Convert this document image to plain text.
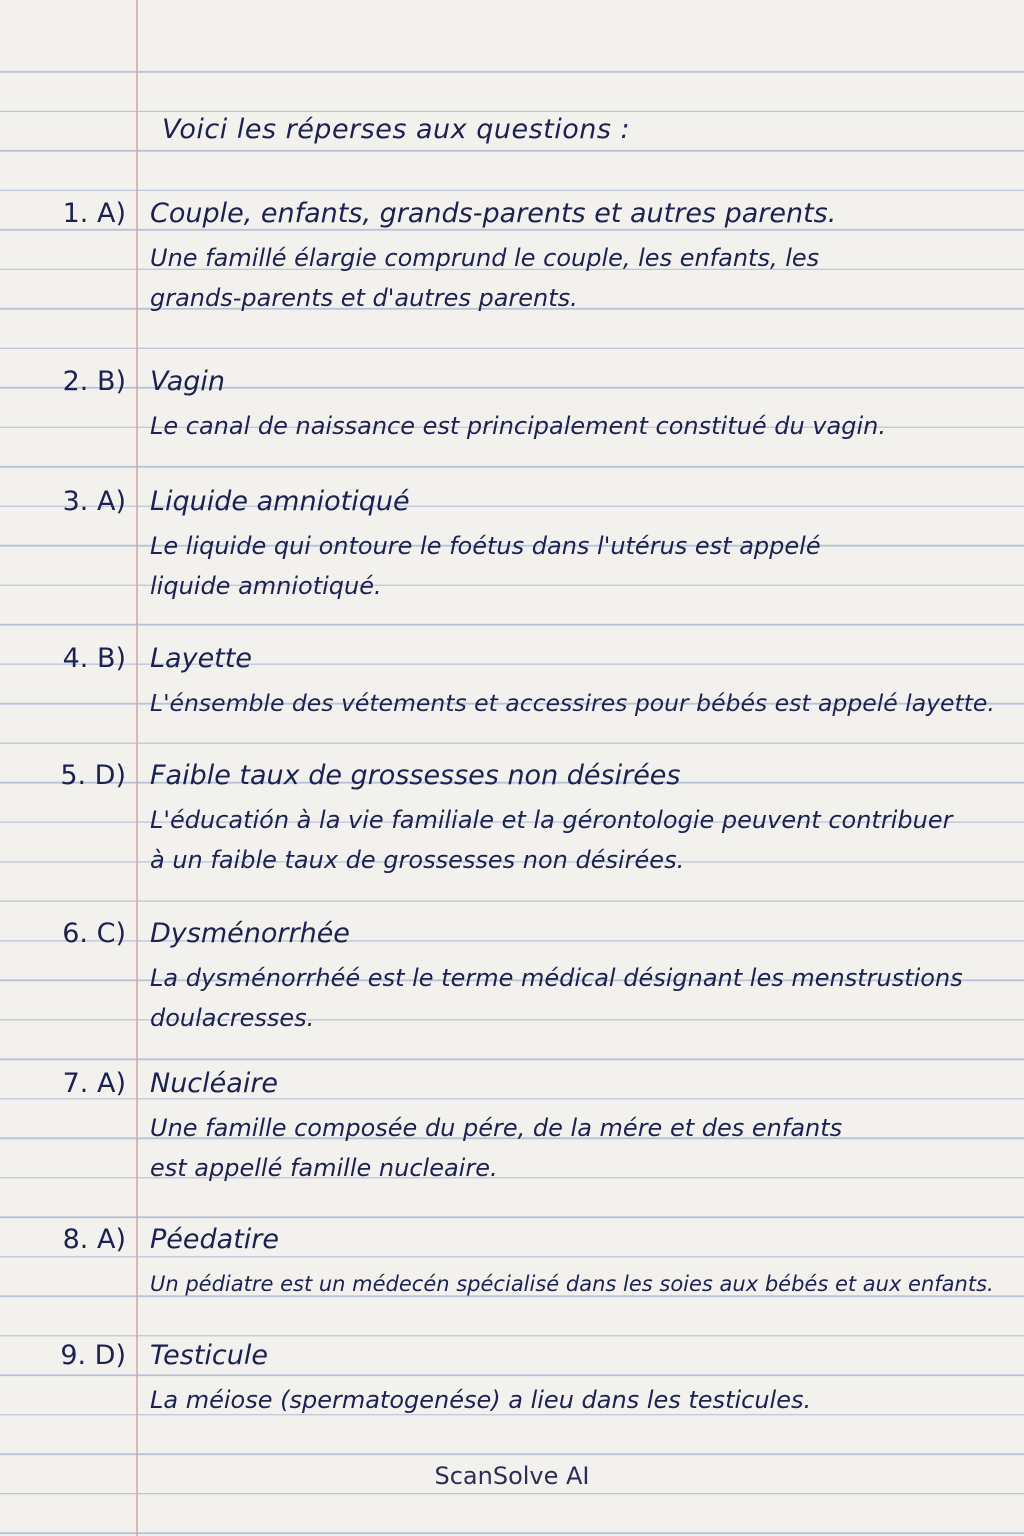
Voici les réperses aux questions :
1. A) Couple, enfants, grands-parents et autres parents.
Une famillé élargie comprund le couple, les enfants, les
grands-parents et d'autres parents.
2. B) Vagin
Le canal de naissance est principalement constitué du vagin.
3. A) Liquide amniotiqué
Le liquide qui ontoure le foétus dans l'utérus est appelé
liquide amniotiqué.
4. B) Layette
L'énsemble des vétements et accessires pour bébés est appelé layette.
5. D) Faible taux de grossesses non désirées
L'éducatión à la vie familiale et la gérontologie peuvent contribuer
à un faible taux de grossesses non désirées.
6. C) Dysménorrhée
La dysménorrhéé est le terme médical désignant les menstrustions
doulacresses.
7. A) Nucléaire
Une famille composée du pére, de la mére et des enfants
est appellé famille nucleaire.
8. A) Péedatire
Un pédiatre est un médecén spécialisé dans les soies aux bébés et aux enfants.
9. D) Testicule
La méiose (spermatogenése) a lieu dans les testicules.
ScanSolve AI
